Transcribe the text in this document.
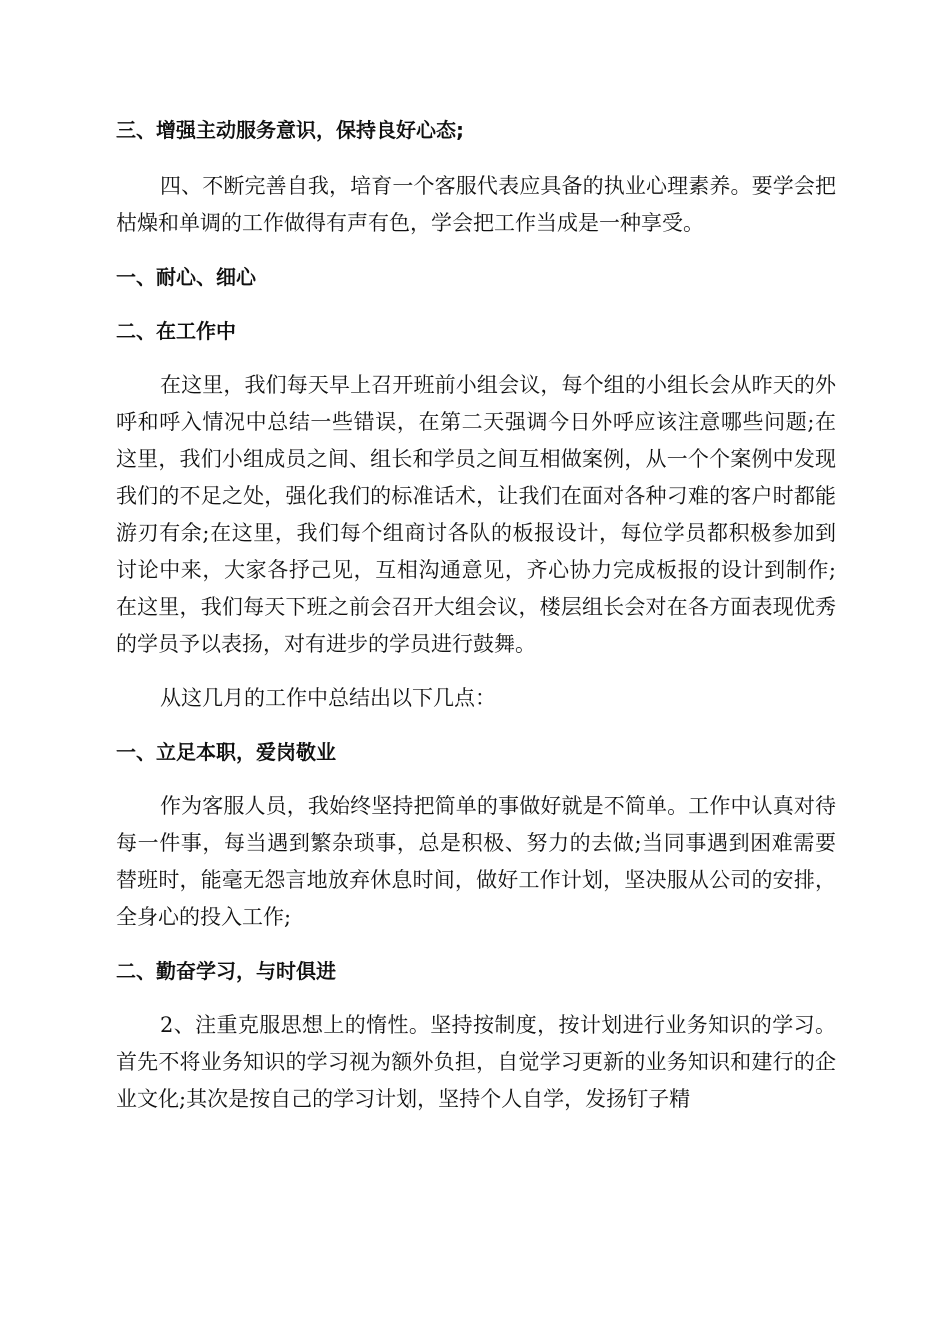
三、增强主动服务意识，保持良好心态;

四、不断完善自我，培育一个客服代表应具备的执业心理素养。要学会把枯燥和单调的工作做得有声有色，学会把工作当成是一种享受。

一、耐心、细心

二、在工作中

在这里，我们每天早上召开班前小组会议，每个组的小组长会从昨天的外呼和呼入情况中总结一些错误，在第二天强调今日外呼应该注意哪些问题;在这里，我们小组成员之间、组长和学员之间互相做案例，从一个个案例中发现我们的不足之处，强化我们的标准话术，让我们在面对各种刁难的客户时都能游刃有余;在这里，我们每个组商讨各队的板报设计，每位学员都积极参加到讨论中来，大家各抒己见，互相沟通意见，齐心协力完成板报的设计到制作;在这里，我们每天下班之前会召开大组会议，楼层组长会对在各方面表现优秀的学员予以表扬，对有进步的学员进行鼓舞。

从这几月的工作中总结出以下几点：

一、立足本职，爱岗敬业

作为客服人员，我始终坚持把简单的事做好就是不简单。工作中认真对待每一件事，每当遇到繁杂琐事，总是积极、努力的去做;当同事遇到困难需要替班时，能毫无怨言地放弃休息时间，做好工作计划，坚决服从公司的安排，全身心的投入工作;

二、勤奋学习，与时俱进

2、注重克服思想上的惰性。坚持按制度，按计划进行业务知识的学习。首先不将业务知识的学习视为额外负担，自觉学习更新的业务知识和建行的企业文化;其次是按自己的学习计划，坚持个人自学，发扬钉子精
